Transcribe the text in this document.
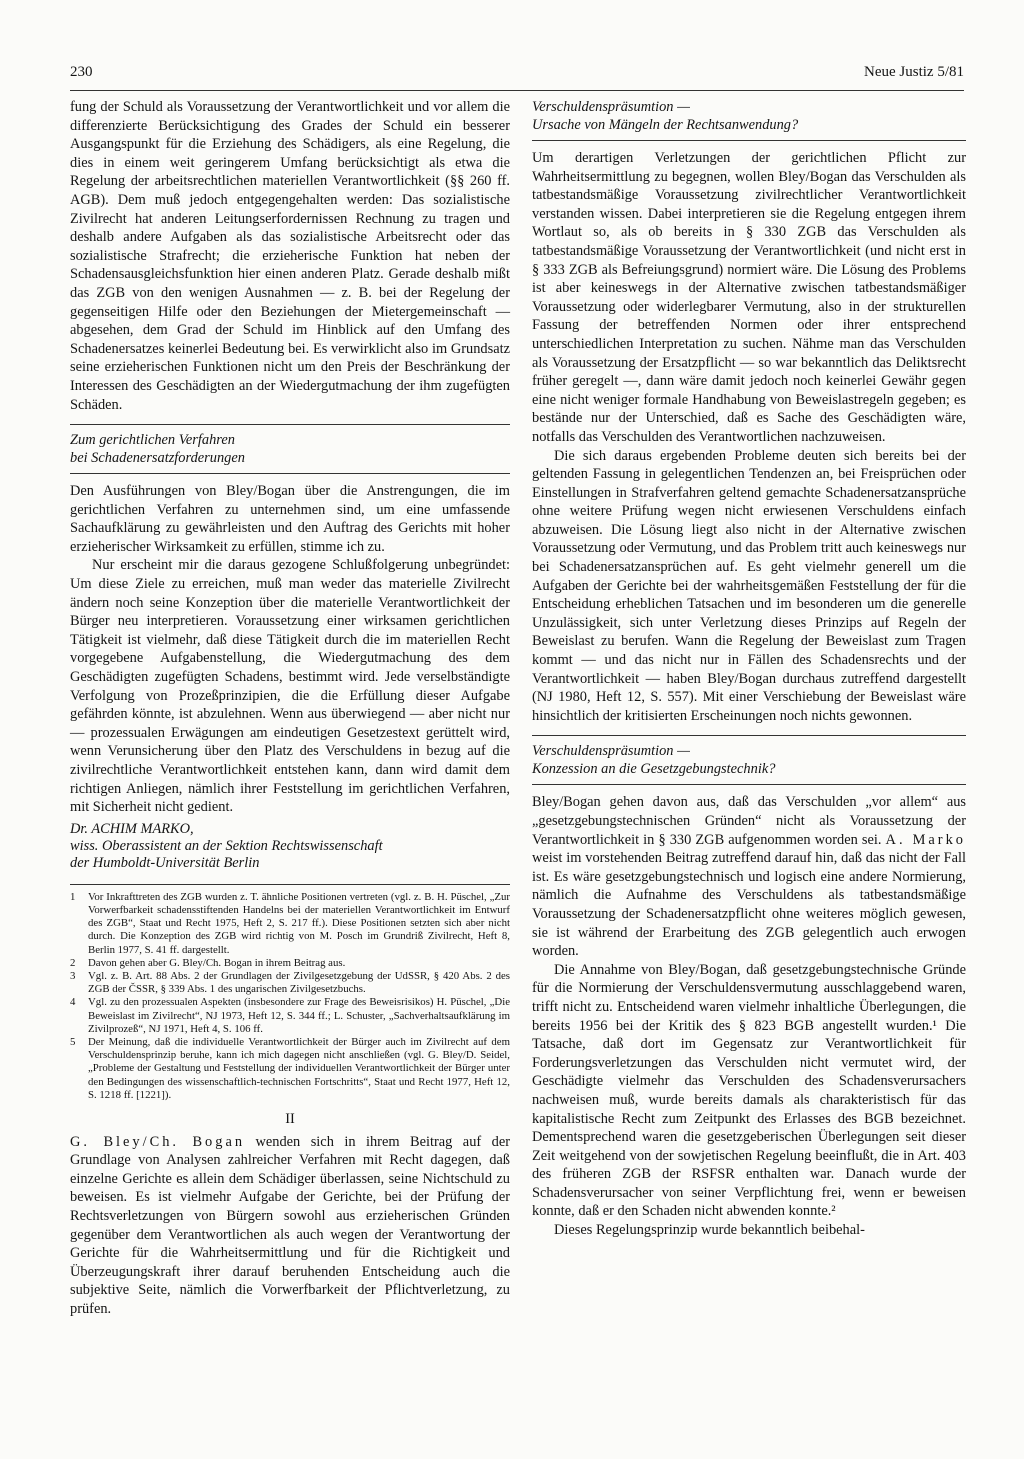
230	Neue Justiz 5/81

fung der Schuld als Voraussetzung der Verantwortlichkeit und vor allem die differenzierte Berücksichtigung des Grades der Schuld ein besserer Ausgangspunkt für die Erziehung des Schädigers, als eine Regelung, die dies in einem weit geringerem Umfang berücksichtigt als etwa die Regelung der arbeitsrechtlichen materiellen Verantwortlichkeit (§§ 260 ff. AGB). Dem muß jedoch entgegengehalten werden: Das sozialistische Zivilrecht hat anderen Leitungserfordernissen Rechnung zu tragen und deshalb andere Aufgaben als das sozialistische Arbeitsrecht oder das sozialistische Strafrecht; die erzieherische Funktion hat neben der Schadensausgleichsfunktion hier einen anderen Platz. Gerade deshalb mißt das ZGB von den wenigen Ausnahmen — z. B. bei der Regelung der gegenseitigen Hilfe oder den Beziehungen der Mietergemeinschaft — abgesehen, dem Grad der Schuld im Hinblick auf den Umfang des Schadenersatzes keinerlei Bedeutung bei. Es verwirklicht also im Grundsatz seine erzieherischen Funktionen nicht um den Preis der Beschränkung der Interessen des Geschädigten an der Wiedergutmachung der ihm zugefügten Schäden.

Zum gerichtlichen Verfahren
bei Schadenersatzforderungen

Den Ausführungen von Bley/Bogan über die Anstrengungen, die im gerichtlichen Verfahren zu unternehmen sind, um eine umfassende Sachaufklärung zu gewährleisten und den Auftrag des Gerichts mit hoher erzieherischer Wirksamkeit zu erfüllen, stimme ich zu.

Nur erscheint mir die daraus gezogene Schlußfolgerung unbegründet: Um diese Ziele zu erreichen, muß man weder das materielle Zivilrecht ändern noch seine Konzeption über die materielle Verantwortlichkeit der Bürger neu interpretieren. Voraussetzung einer wirksamen gerichtlichen Tätigkeit ist vielmehr, daß diese Tätigkeit durch die im materiellen Recht vorgegebene Aufgabenstellung, die Wiedergutmachung des dem Geschädigten zugefügten Schadens, bestimmt wird. Jede verselbständigte Verfolgung von Prozeßprinzipien, die die Erfüllung dieser Aufgabe gefährden könnte, ist abzulehnen. Wenn aus überwiegend — aber nicht nur — prozessualen Erwägungen am eindeutigen Gesetzestext gerüttelt wird, wenn Verunsicherung über den Platz des Verschuldens in bezug auf die zivilrechtliche Verantwortlichkeit entstehen kann, dann wird damit dem richtigen Anliegen, nämlich ihrer Feststellung im gerichtlichen Verfahren, mit Sicherheit nicht gedient.

Dr. ACHIM MARKO,
wiss. Oberassistent an der Sektion Rechtswissenschaft
der Humboldt-Universität Berlin
1	Vor Inkrafttreten des ZGB wurden z. T. ähnliche Positionen vertreten (vgl. z. B. H. Püschel, „Zur Vorwerfbarkeit schadensstiftenden Handelns bei der materiellen Verantwortlichkeit im Entwurf des ZGB“, Staat und Recht 1975, Heft 2, S. 217 ff.). Diese Positionen setzten sich aber nicht durch. Die Konzeption des ZGB wird richtig von M. Posch im Grundriß Zivilrecht, Heft 8, Berlin 1977, S. 41 ff. dargestellt.
2	Davon gehen aber G. Bley/Ch. Bogan in ihrem Beitrag aus.
3	Vgl. z. B. Art. 88 Abs. 2 der Grundlagen der Zivilgesetzgebung der UdSSR, § 420 Abs. 2 des ZGB der ČSSR, § 339 Abs. 1 des ungarischen Zivilgesetzbuchs.
4	Vgl. zu den prozessualen Aspekten (insbesondere zur Frage des Beweisrisikos) H. Püschel, „Die Beweislast im Zivilrecht“, NJ 1973, Heft 12, S. 344 ff.; L. Schuster, „Sachverhaltsaufklärung im Zivilprozeß“, NJ 1971, Heft 4, S. 106 ff.
5	Der Meinung, daß die individuelle Verantwortlichkeit der Bürger auch im Zivilrecht auf dem Verschuldensprinzip beruhe, kann ich mich dagegen nicht anschließen (vgl. G. Bley/D. Seidel, „Probleme der Gestaltung und Feststellung der individuellen Verantwortlichkeit der Bürger unter den Bedingungen des wissenschaftlich-technischen Fortschritts“, Staat und Recht 1977, Heft 12, S. 1218 ff. [1221]).
II

G. Bley/Ch. Bogan wenden sich in ihrem Beitrag auf der Grundlage von Analysen zahlreicher Verfahren mit Recht dagegen, daß einzelne Gerichte es allein dem Schädiger überlassen, seine Nichtschuld zu beweisen. Es ist vielmehr Aufgabe der Gerichte, bei der Prüfung der Rechtsverletzungen von Bürgern sowohl aus erzieherischen Gründen gegenüber dem Verantwortlichen als auch wegen der Verantwortung der Gerichte für die Wahrheitsermittlung und für die Richtigkeit und Überzeugungskraft ihrer darauf beruhenden Entscheidung auch die subjektive Seite, nämlich die Vorwerfbarkeit der Pflichtverletzung, zu prüfen.

Verschuldenspräsumtion —
Ursache von Mängeln der Rechtsanwendung?

Um derartigen Verletzungen der gerichtlichen Pflicht zur Wahrheitsermittlung zu begegnen, wollen Bley/Bogan das Verschulden als tatbestandsmäßige Voraussetzung zivilrechtlicher Verantwortlichkeit verstanden wissen. Dabei interpretieren sie die Regelung entgegen ihrem Wortlaut so, als ob bereits in § 330 ZGB das Verschulden als tatbestandsmäßige Voraussetzung der Verantwortlichkeit (und nicht erst in § 333 ZGB als Befreiungsgrund) normiert wäre. Die Lösung des Problems ist aber keineswegs in der Alternative zwischen tatbestandsmäßiger Voraussetzung oder widerlegbarer Vermutung, also in der strukturellen Fassung der betreffenden Normen oder ihrer entsprechend unterschiedlichen Interpretation zu suchen. Nähme man das Verschulden als Voraussetzung der Ersatzpflicht — so war bekanntlich das Deliktsrecht früher geregelt —, dann wäre damit jedoch noch keinerlei Gewähr gegen eine nicht weniger formale Handhabung von Beweislastregeln gegeben; es bestände nur der Unterschied, daß es Sache des Geschädigten wäre, notfalls das Verschulden des Verantwortlichen nachzuweisen.

Die sich daraus ergebenden Probleme deuten sich bereits bei der geltenden Fassung in gelegentlichen Tendenzen an, bei Freisprüchen oder Einstellungen in Strafverfahren geltend gemachte Schadenersatzansprüche ohne weitere Prüfung wegen nicht erwiesenen Verschuldens einfach abzuweisen. Die Lösung liegt also nicht in der Alternative zwischen Voraussetzung oder Vermutung, und das Problem tritt auch keineswegs nur bei Schadenersatzansprüchen auf. Es geht vielmehr generell um die Aufgaben der Gerichte bei der wahrheitsgemäßen Feststellung der für die Entscheidung erheblichen Tatsachen und im besonderen um die generelle Unzulässigkeit, sich unter Verletzung dieses Prinzips auf Regeln der Beweislast zu berufen. Wann die Regelung der Beweislast zum Tragen kommt — und das nicht nur in Fällen des Schadensrechts und der Verantwortlichkeit — haben Bley/Bogan durchaus zutreffend dargestellt (NJ 1980, Heft 12, S. 557). Mit einer Verschiebung der Beweislast wäre hinsichtlich der kritisierten Erscheinungen noch nichts gewonnen.

Verschuldenspräsumtion —
Konzession an die Gesetzgebungstechnik?

Bley/Bogan gehen davon aus, daß das Verschulden „vor allem“ aus „gesetzgebungstechnischen Gründen“ nicht als Voraussetzung der Verantwortlichkeit in § 330 ZGB aufgenommen worden sei. A. Marko weist im vorstehenden Beitrag zutreffend darauf hin, daß das nicht der Fall ist. Es wäre gesetzgebungstechnisch und logisch eine andere Normierung, nämlich die Aufnahme des Verschuldens als tatbestandsmäßige Voraussetzung der Schadenersatzpflicht ohne weiteres möglich gewesen, sie ist während der Erarbeitung des ZGB gelegentlich auch erwogen worden.

Die Annahme von Bley/Bogan, daß gesetzgebungstechnische Gründe für die Normierung der Verschuldensvermutung ausschlaggebend waren, trifft nicht zu. Entscheidend waren vielmehr inhaltliche Überlegungen, die bereits 1956 bei der Kritik des § 823 BGB angestellt wurden.¹ Die Tatsache, daß dort im Gegensatz zur Verantwortlichkeit für Forderungsverletzungen das Verschulden nicht vermutet wird, der Geschädigte vielmehr das Verschulden des Schadensverursachers nachweisen muß, wurde bereits damals als charakteristisch für das kapitalistische Recht zum Zeitpunkt des Erlasses des BGB bezeichnet. Dementsprechend waren die gesetzgeberischen Überlegungen seit dieser Zeit weitgehend von der sowjetischen Regelung beeinflußt, die in Art. 403 des früheren ZGB der RSFSR enthalten war. Danach wurde der Schadensverursacher von seiner Verpflichtung frei, wenn er beweisen konnte, daß er den Schaden nicht abwenden konnte.²

Dieses Regelungsprinzip wurde bekanntlich beibehal-
